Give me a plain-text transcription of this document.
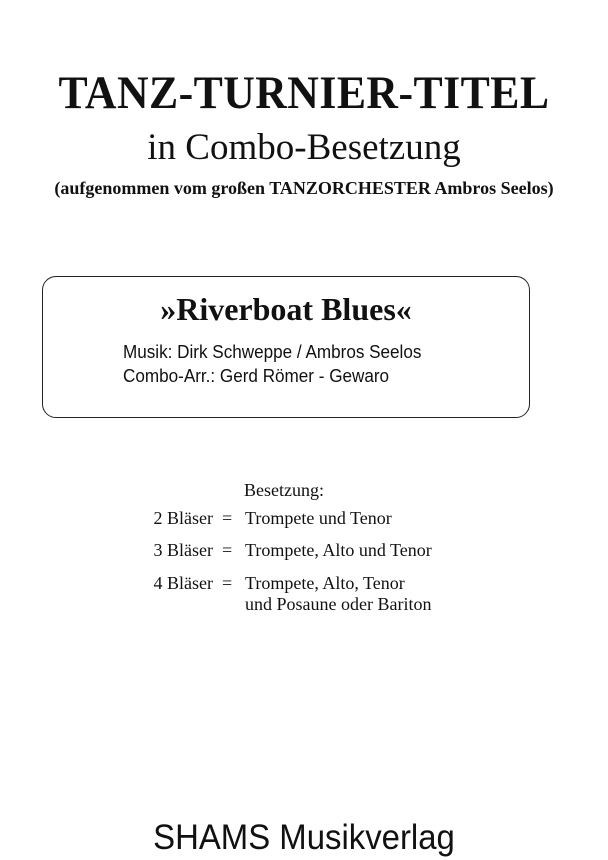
TANZ-TURNIER-TITEL
in Combo-Besetzung
(aufgenommen vom großen TANZORCHESTER Ambros Seelos)
»Riverboat Blues«
Musik: Dirk Schweppe / Ambros Seelos
Combo-Arr.: Gerd Römer - Gewaro
Besetzung:
2 Bläser = Trompete und Tenor
3 Bläser = Trompete, Alto und Tenor
4 Bläser = Trompete, Alto, Tenor
und Posaune oder Bariton
SHAMS Musikverlag
